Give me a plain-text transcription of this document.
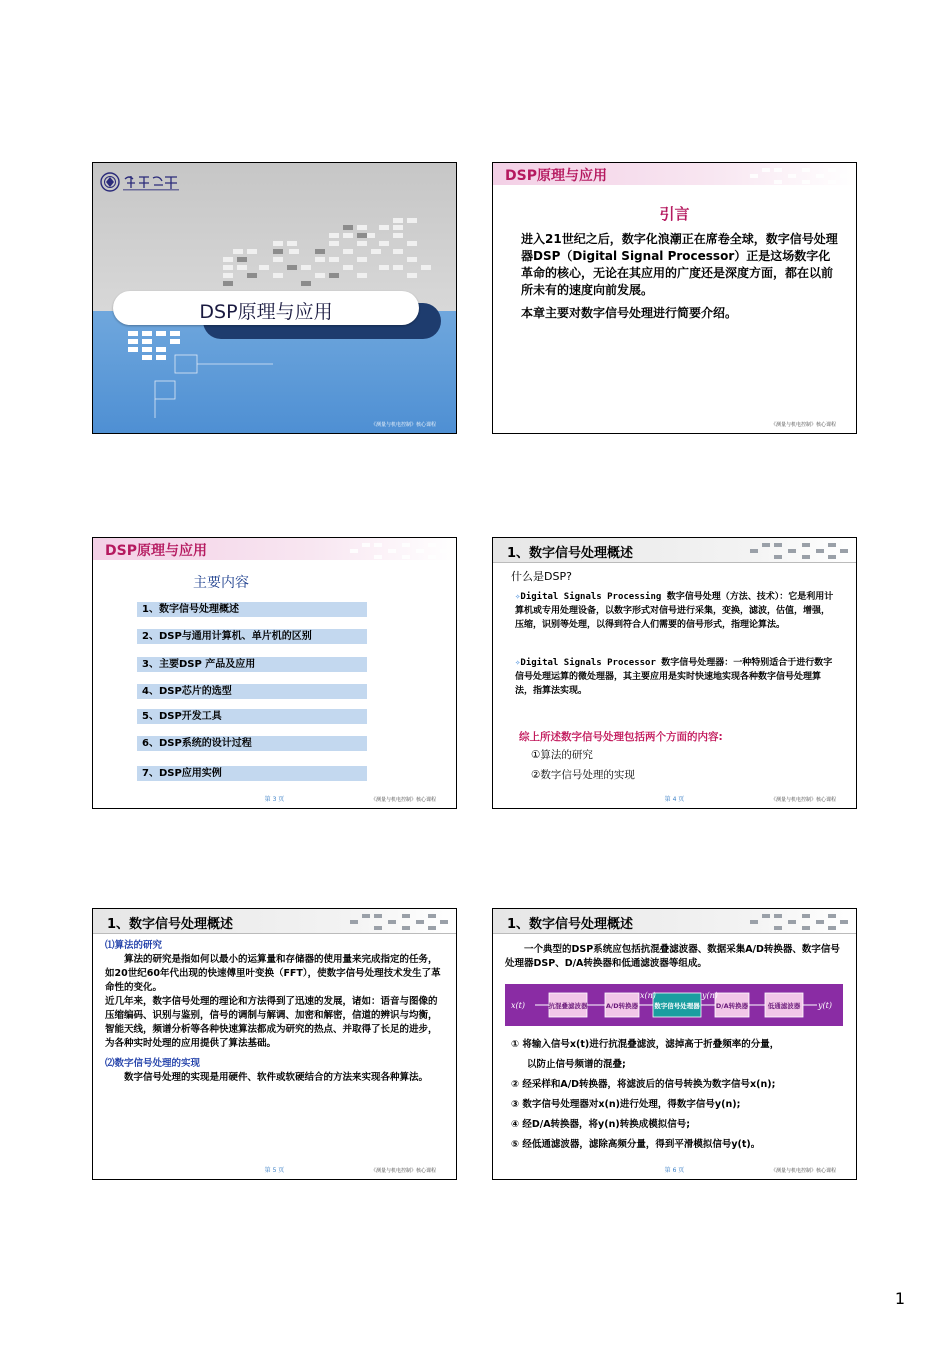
DSP原理与应用
《测量与机电控制》核心课程
DSP原理与应用
引言

进入21世纪之后，数字化浪潮正在席卷全球，数字信号处理器DSP（Digital Signal Processor）正是这场数字化革命的核心，无论在其应用的广度还是深度方面，都在以前所未有的速度向前发展。

本章主要对数字信号处理进行简要介绍。

《测量与机电控制》核心课程
DSP原理与应用
主要内容
1、数字信号处理概述
2、DSP与通用计算机、单片机的区别
3、主要DSP 产品及应用
4、DSP芯片的选型
5、DSP开发工具
6、DSP系统的设计过程
7、DSP应用实例
第 3 页	《测量与机电控制》核心课程
1、数字信号处理概述
什么是DSP?
✧Digital Signals Processing 数字信号处理（方法、技术）：它是利用计算机或专用处理设备，以数字形式对信号进行采集，变换，滤波，估值，增强，压缩，识别等处理，以得到符合人们需要的信号形式，指理论算法。
✧Digital Signals Processor 数字信号处理器：一种特别适合于进行数字信号处理运算的微处理器，其主要应用是实时快速地实现各种数字信号处理算法，指算法实现。
综上所述数字信号处理包括两个方面的内容:
①算法的研究
②数字信号处理的实现
第 4 页	《测量与机电控制》核心课程
1、数字信号处理概述

⑴算法的研究

算法的研究是指如何以最小的运算量和存储器的使用量来完成指定的任务，如20世纪60年代出现的快速傅里叶变换（FFT），使数字信号处理技术发生了革命性的变化。

近几年来，数字信号处理的理论和方法得到了迅速的发展，诸如：语音与图像的压缩编码、识别与鉴别，信号的调制与解调、加密和解密，信道的辨识与均衡，智能天线，频谱分析等各种快速算法都成为研究的热点、并取得了长足的进步，为各种实时处理的应用提供了算法基础。

⑵数字信号处理的实现

数字信号处理的实现是用硬件、软件或软硬结合的方法来实现各种算法。

第 5 页	《测量与机电控制》核心课程
1、数字信号处理概述
一个典型的DSP系统应包括抗混叠滤波器、数据采集A/D转换器、数字信号处理器DSP、D/A转换器和低通滤波器等组成。
x(t)
x(n)	y(n)
y(t)
抗混叠滤波器	A/D转换器 数字信号处理器 D/A转换器	低通滤波器
① 将输入信号x(t)进行抗混叠滤波，滤掉高于折叠频率的分量，
以防止信号频谱的混叠;
② 经采样和A/D转换器，将滤波后的信号转换为数字信号x(n);
③ 数字信号处理器对x(n)进行处理，得数字信号y(n);
④ 经D/A转换器，将y(n)转换成模拟信号;
⑤ 经低通滤波器，滤除高频分量，得到平滑模拟信号y(t)。
第 6 页	《测量与机电控制》核心课程
1
